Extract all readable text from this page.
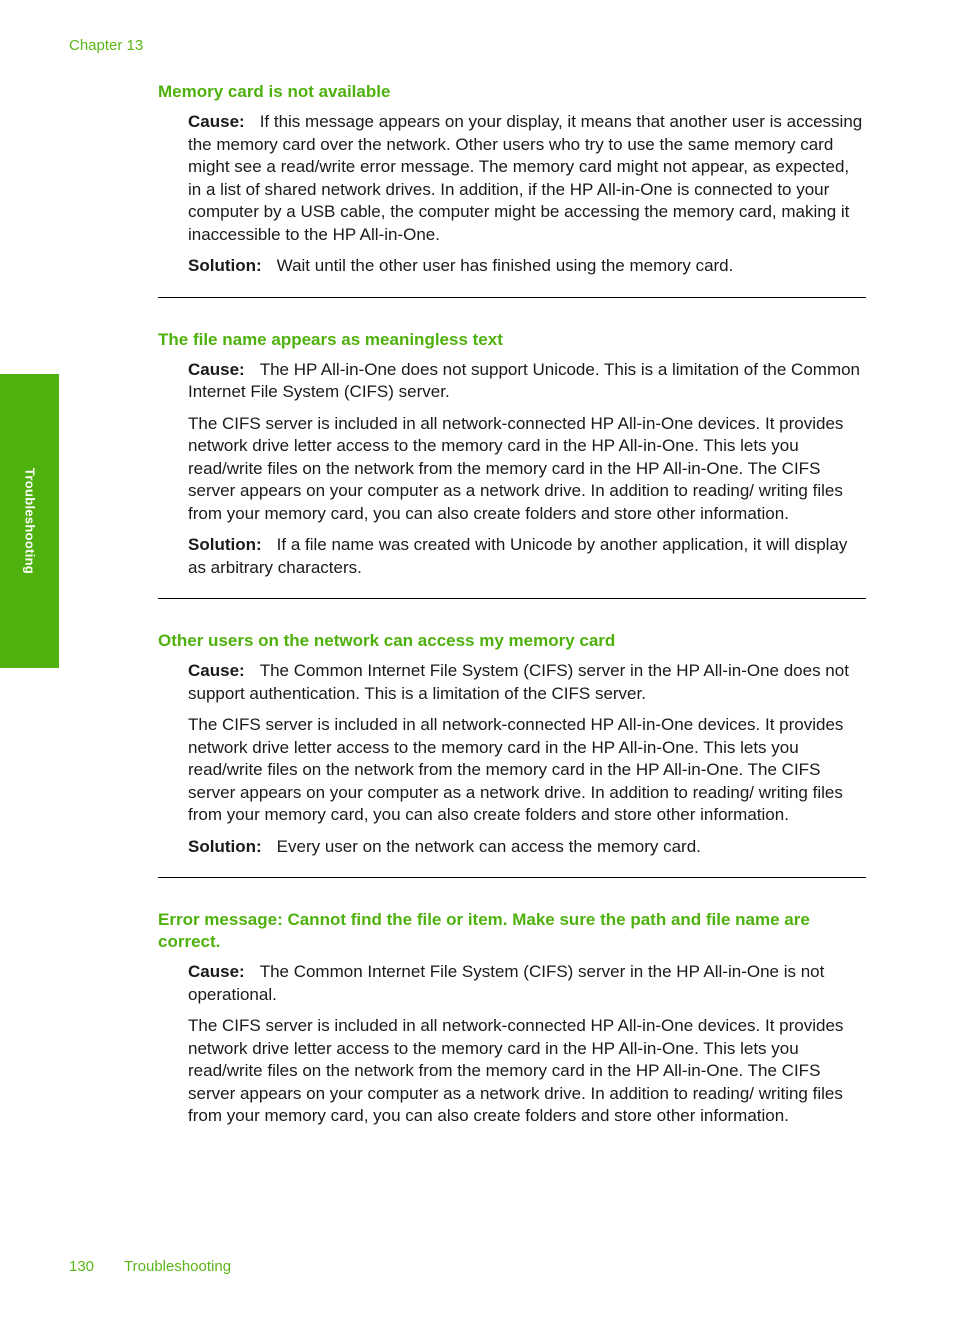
Chapter 13
Troubleshooting
Memory card is not available

Cause: If this message appears on your display, it means that another user is accessing the memory card over the network. Other users who try to use the same memory card might see a read/write error message. The memory card might not appear, as expected, in a list of shared network drives. In addition, if the HP All-in-One is connected to your computer by a USB cable, the computer might be accessing the memory card, making it inaccessible to the HP All-in-One.

Solution: Wait until the other user has finished using the memory card.

The file name appears as meaningless text

Cause: The HP All-in-One does not support Unicode. This is a limitation of the Common Internet File System (CIFS) server.

The CIFS server is included in all network-connected HP All-in-One devices. It provides network drive letter access to the memory card in the HP All-in-One. This lets you read/write files on the network from the memory card in the HP All-in-One. The CIFS server appears on your computer as a network drive. In addition to reading/ writing files from your memory card, you can also create folders and store other information.

Solution: If a file name was created with Unicode by another application, it will display as arbitrary characters.

Other users on the network can access my memory card

Cause: The Common Internet File System (CIFS) server in the HP All-in-One does not support authentication. This is a limitation of the CIFS server.

The CIFS server is included in all network-connected HP All-in-One devices. It provides network drive letter access to the memory card in the HP All-in-One. This lets you read/write files on the network from the memory card in the HP All-in-One. The CIFS server appears on your computer as a network drive. In addition to reading/ writing files from your memory card, you can also create folders and store other information.

Solution: Every user on the network can access the memory card.

Error message: Cannot find the file or item. Make sure the path and file name are correct.

Cause: The Common Internet File System (CIFS) server in the HP All-in-One is not operational.

The CIFS server is included in all network-connected HP All-in-One devices. It provides network drive letter access to the memory card in the HP All-in-One. This lets you read/write files on the network from the memory card in the HP All-in-One. The CIFS server appears on your computer as a network drive. In addition to reading/ writing files from your memory card, you can also create folders and store other information.

130 Troubleshooting
